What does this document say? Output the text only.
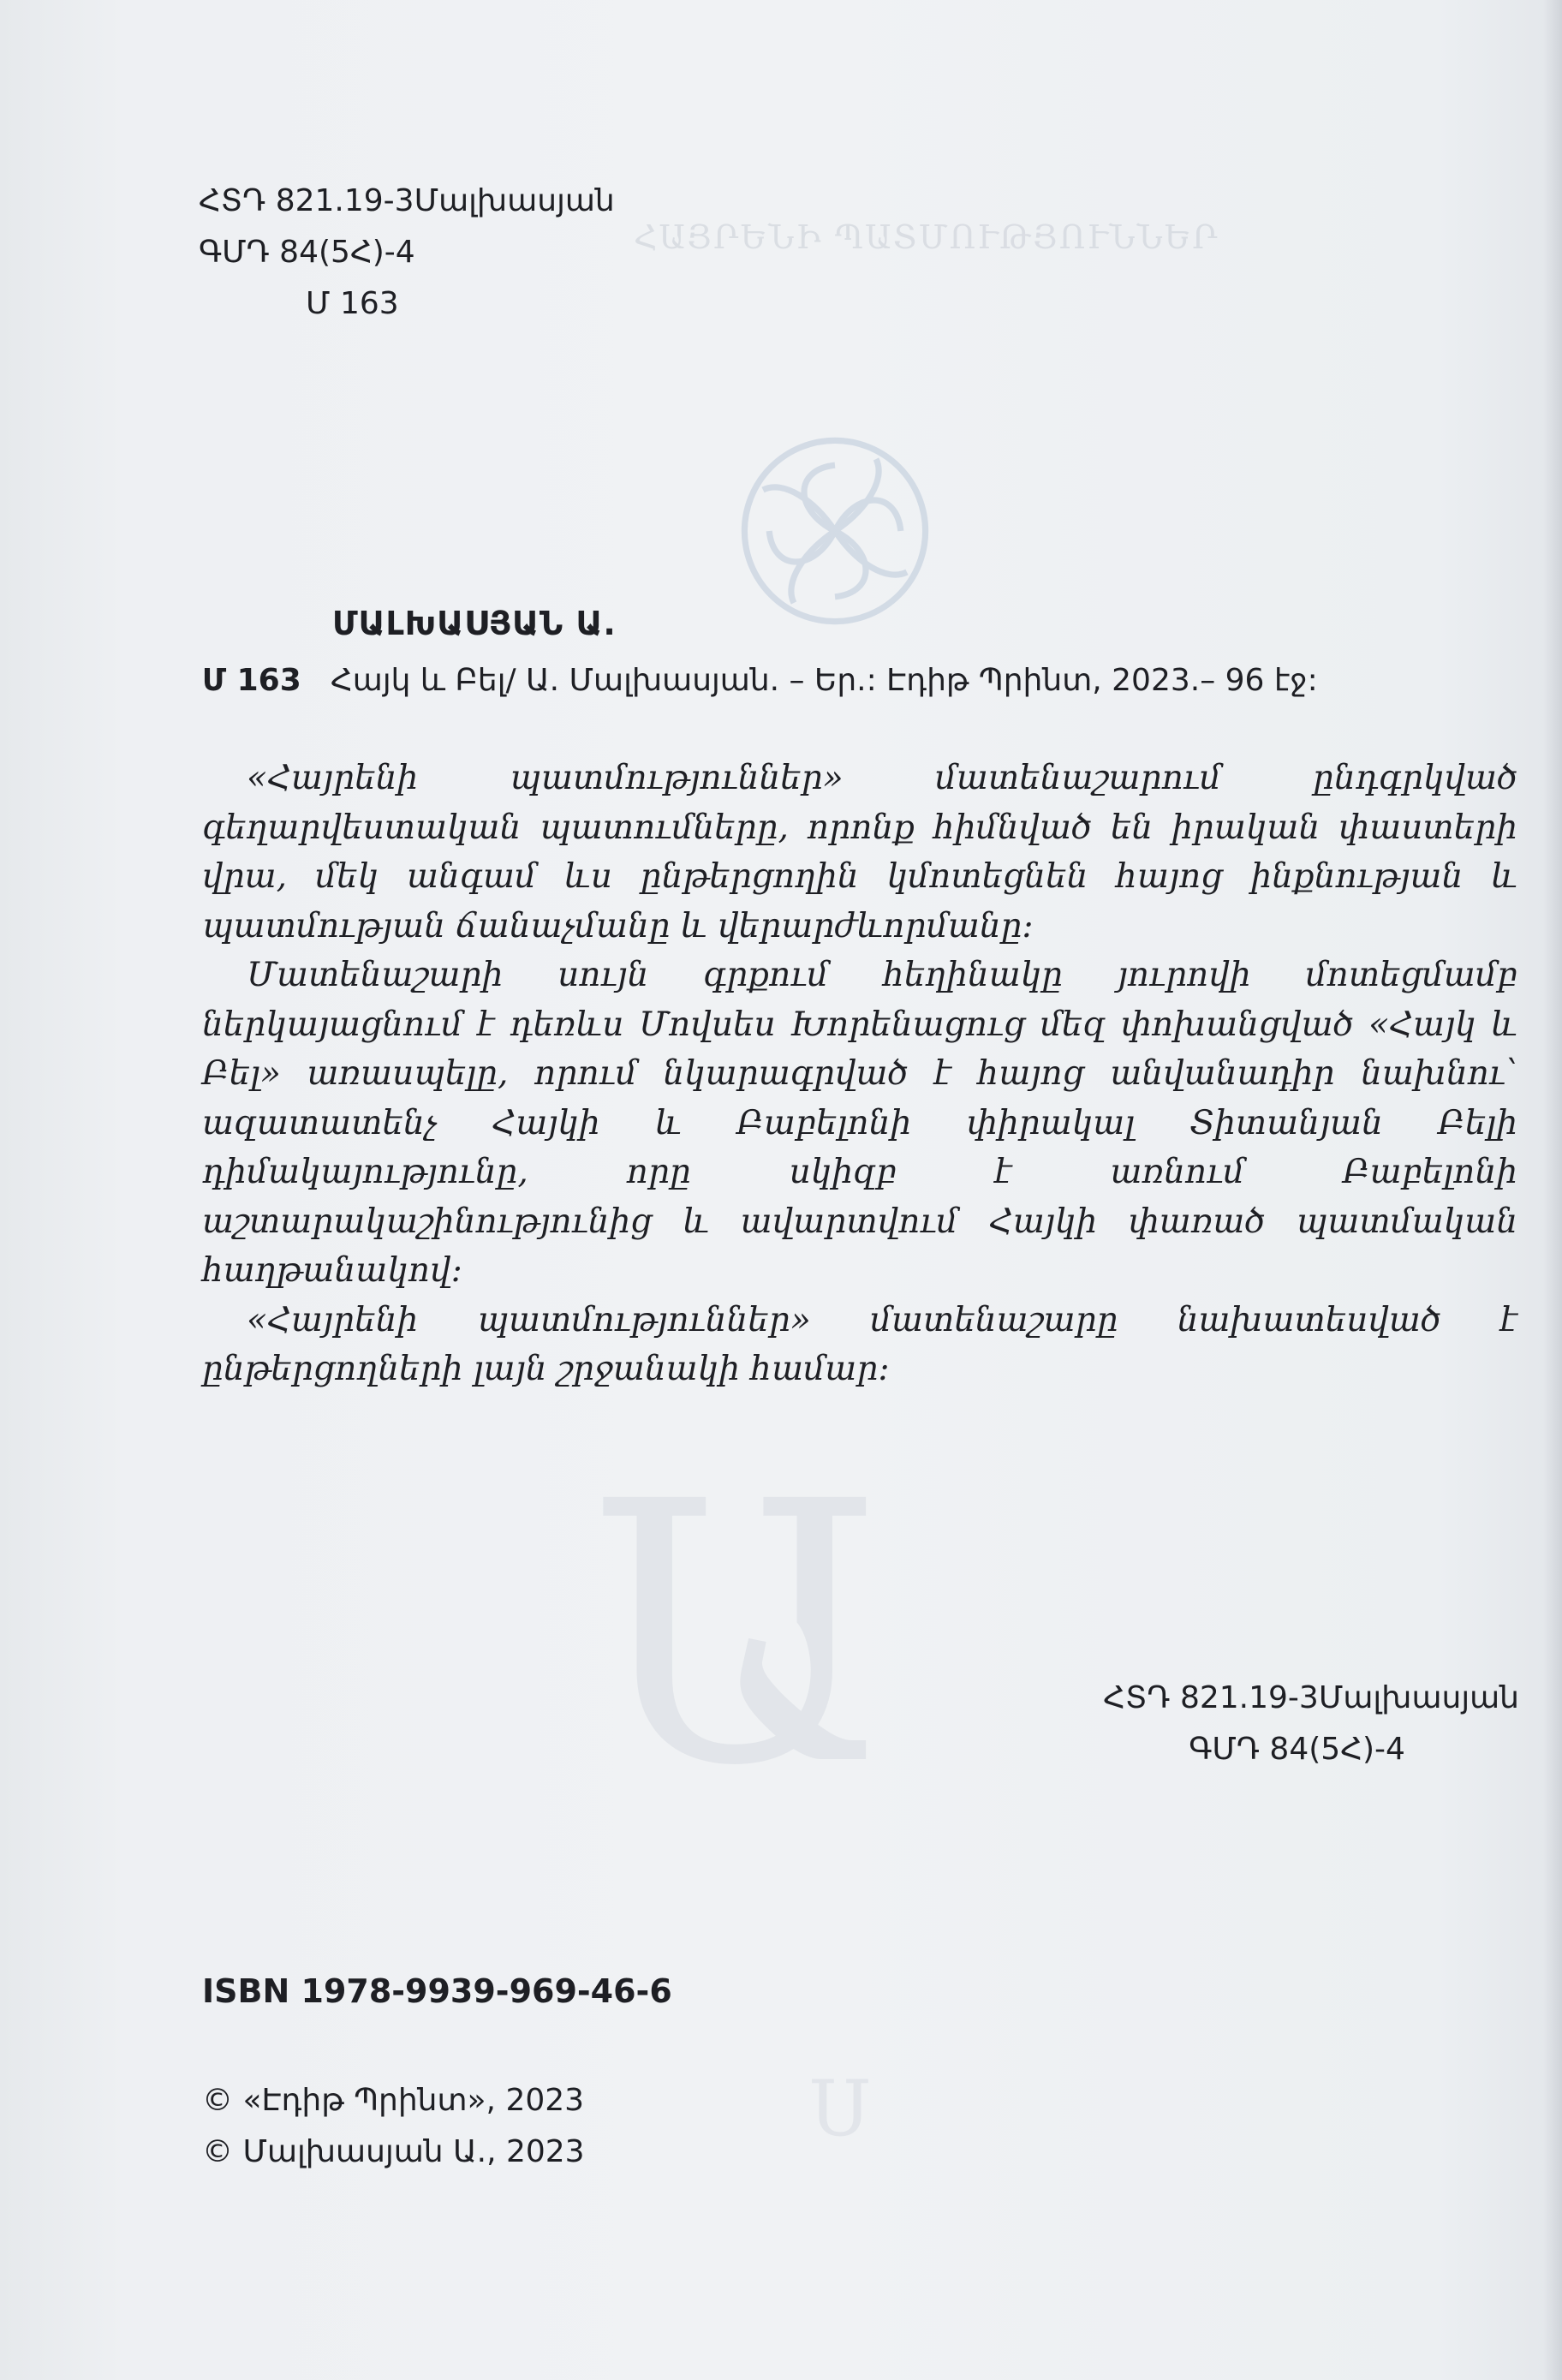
ՀԱՅՐԵՆԻ ՊԱՏՄՈՒԹՅՈՒՆՆԵՐ
Ա
Ս
ՀՏԴ 821.19-3Մալխասյան
ԳՄԴ 84(5Հ)-4
Մ 163
ՄԱԼԽԱՍՅԱՆ Ա.
Մ 163 Հայկ և Բել/ Ա. Մալխասյան. – Եր.: Էդիթ Պրինտ, 2023.– 96 էջ:

«Հայրենի պատմություններ» մատենաշարում ընդգրկված գեղարվեստական պատումները, որոնք հիմնված են իրական փաստերի վրա, մեկ անգամ ևս ընթերցողին կմոտեցնեն հայոց ինքնության և պատմության ճանաչմանը և վերարժևորմանը:

Մատենաշարի սույն գրքում հեղինակը յուրովի մոտեցմամբ ներկայացնում է դեռևս Մովսես Խորենացուց մեզ փոխանցված «Հայկ և Բել» առասպելը, որում նկարագրված է հայոց անվանադիր նախնու՝ ազատատենչ Հայկի և Բաբելոնի փիրակալ Տիտանյան Բելի դիմակայությունը, որը սկիզբ է առնում Բաբելոնի աշտարակաշինությունից և ավարտվում Հայկի փառած պատմական հաղթանակով:

«Հայրենի պատմություններ» մատենաշարը նախատեսված է ընթերցողների լայն շրջանակի համար:

ՀՏԴ 821.19-3Մալխասյան
ԳՄԴ 84(5Հ)-4
ISBN 1978-9939-969-46-6
© «Էդիթ Պրինտ», 2023
© Մալխասյան Ա., 2023
